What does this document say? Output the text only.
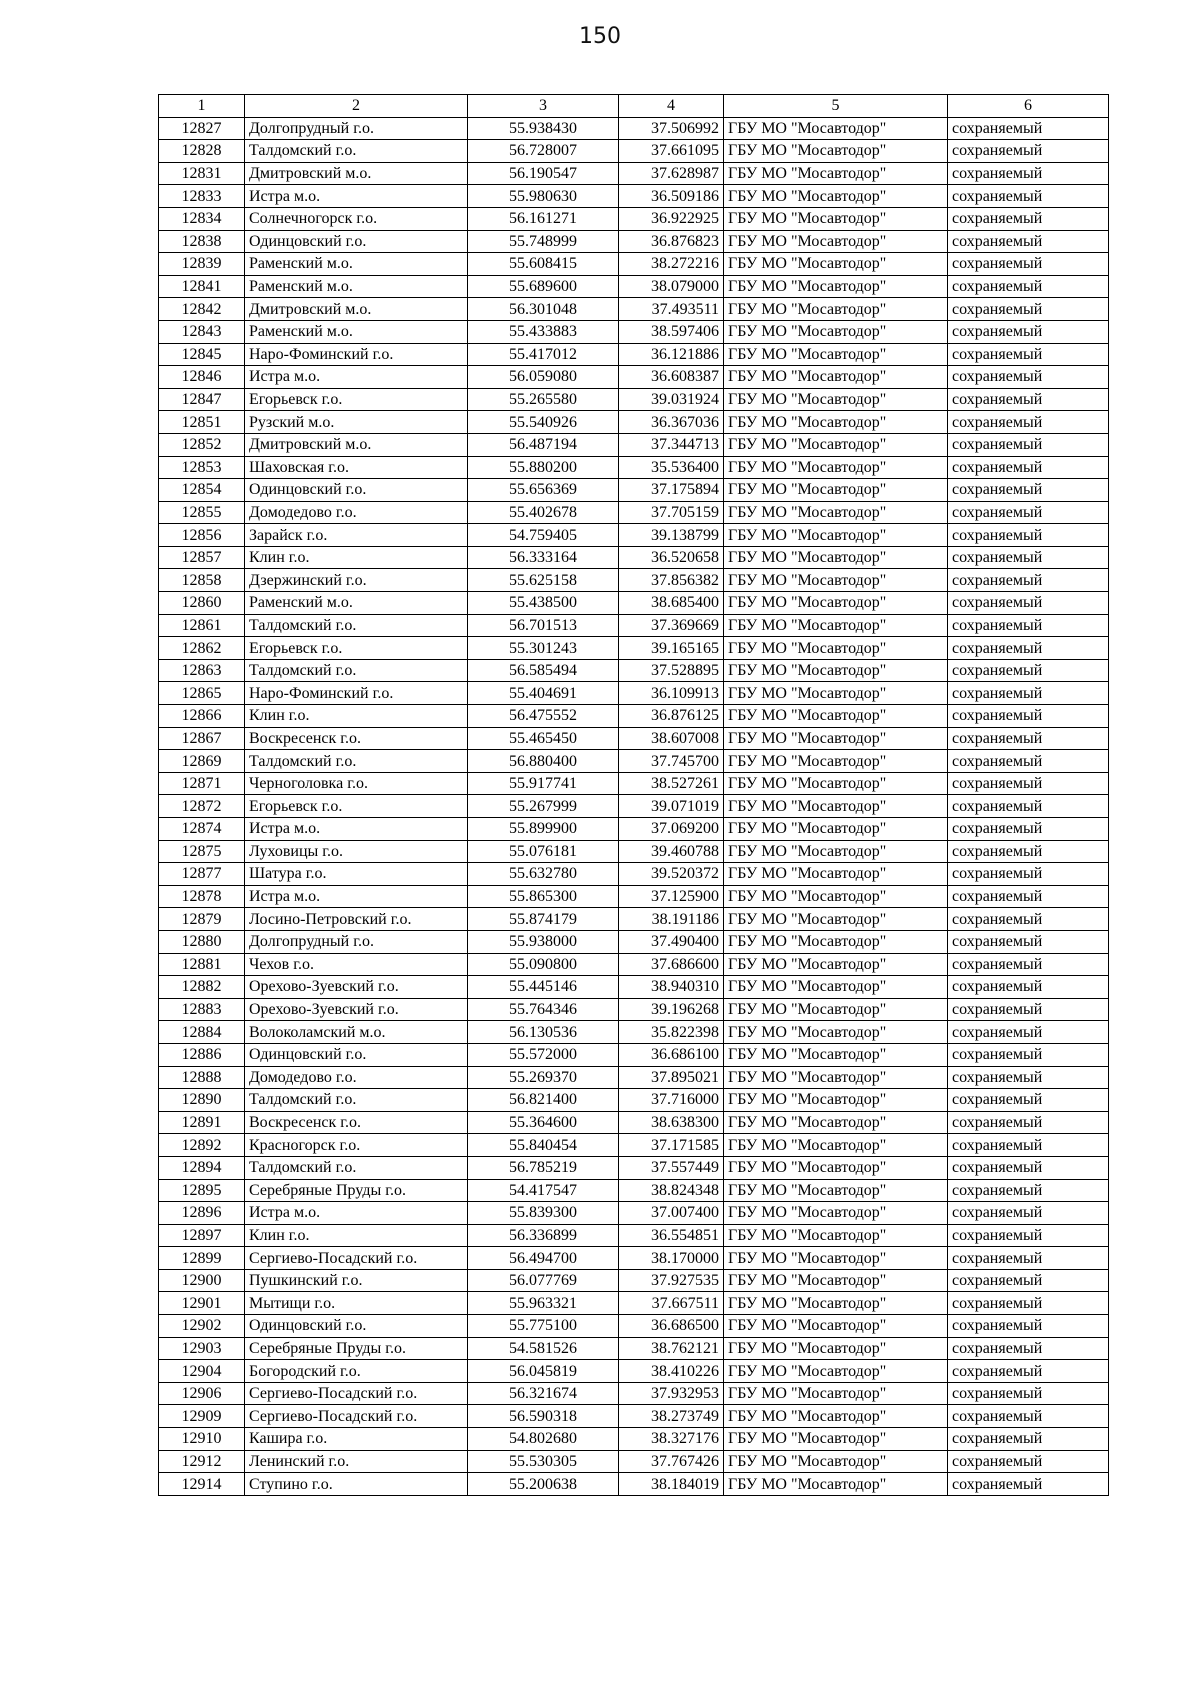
150
1	2	3	4	5	6
12827	Долгопрудный г.о.	55.938430	37.506992	ГБУ МО "Мосавтодор"	сохраняемый
12828	Талдомский г.о.	56.728007	37.661095	ГБУ МО "Мосавтодор"	сохраняемый
12831	Дмитровский м.о.	56.190547	37.628987	ГБУ МО "Мосавтодор"	сохраняемый
12833	Истра м.о.	55.980630	36.509186	ГБУ МО "Мосавтодор"	сохраняемый
12834	Солнечногорск г.о.	56.161271	36.922925	ГБУ МО "Мосавтодор"	сохраняемый
12838	Одинцовский г.о.	55.748999	36.876823	ГБУ МО "Мосавтодор"	сохраняемый
12839	Раменский м.о.	55.608415	38.272216	ГБУ МО "Мосавтодор"	сохраняемый
12841	Раменский м.о.	55.689600	38.079000	ГБУ МО "Мосавтодор"	сохраняемый
12842	Дмитровский м.о.	56.301048	37.493511	ГБУ МО "Мосавтодор"	сохраняемый
12843	Раменский м.о.	55.433883	38.597406	ГБУ МО "Мосавтодор"	сохраняемый
12845	Наро-Фоминский г.о.	55.417012	36.121886	ГБУ МО "Мосавтодор"	сохраняемый
12846	Истра м.о.	56.059080	36.608387	ГБУ МО "Мосавтодор"	сохраняемый
12847	Егорьевск г.о.	55.265580	39.031924	ГБУ МО "Мосавтодор"	сохраняемый
12851	Рузский м.о.	55.540926	36.367036	ГБУ МО "Мосавтодор"	сохраняемый
12852	Дмитровский м.о.	56.487194	37.344713	ГБУ МО "Мосавтодор"	сохраняемый
12853	Шаховская г.о.	55.880200	35.536400	ГБУ МО "Мосавтодор"	сохраняемый
12854	Одинцовский г.о.	55.656369	37.175894	ГБУ МО "Мосавтодор"	сохраняемый
12855	Домодедово г.о.	55.402678	37.705159	ГБУ МО "Мосавтодор"	сохраняемый
12856	Зарайск г.о.	54.759405	39.138799	ГБУ МО "Мосавтодор"	сохраняемый
12857	Клин г.о.	56.333164	36.520658	ГБУ МО "Мосавтодор"	сохраняемый
12858	Дзержинский г.о.	55.625158	37.856382	ГБУ МО "Мосавтодор"	сохраняемый
12860	Раменский м.о.	55.438500	38.685400	ГБУ МО "Мосавтодор"	сохраняемый
12861	Талдомский г.о.	56.701513	37.369669	ГБУ МО "Мосавтодор"	сохраняемый
12862	Егорьевск г.о.	55.301243	39.165165	ГБУ МО "Мосавтодор"	сохраняемый
12863	Талдомский г.о.	56.585494	37.528895	ГБУ МО "Мосавтодор"	сохраняемый
12865	Наро-Фоминский г.о.	55.404691	36.109913	ГБУ МО "Мосавтодор"	сохраняемый
12866	Клин г.о.	56.475552	36.876125	ГБУ МО "Мосавтодор"	сохраняемый
12867	Воскресенск г.о.	55.465450	38.607008	ГБУ МО "Мосавтодор"	сохраняемый
12869	Талдомский г.о.	56.880400	37.745700	ГБУ МО "Мосавтодор"	сохраняемый
12871	Черноголовка г.о.	55.917741	38.527261	ГБУ МО "Мосавтодор"	сохраняемый
12872	Егорьевск г.о.	55.267999	39.071019	ГБУ МО "Мосавтодор"	сохраняемый
12874	Истра м.о.	55.899900	37.069200	ГБУ МО "Мосавтодор"	сохраняемый
12875	Луховицы г.о.	55.076181	39.460788	ГБУ МО "Мосавтодор"	сохраняемый
12877	Шатура г.о.	55.632780	39.520372	ГБУ МО "Мосавтодор"	сохраняемый
12878	Истра м.о.	55.865300	37.125900	ГБУ МО "Мосавтодор"	сохраняемый
12879	Лосино-Петровский г.о.	55.874179	38.191186	ГБУ МО "Мосавтодор"	сохраняемый
12880	Долгопрудный г.о.	55.938000	37.490400	ГБУ МО "Мосавтодор"	сохраняемый
12881	Чехов г.о.	55.090800	37.686600	ГБУ МО "Мосавтодор"	сохраняемый
12882	Орехово-Зуевский г.о.	55.445146	38.940310	ГБУ МО "Мосавтодор"	сохраняемый
12883	Орехово-Зуевский г.о.	55.764346	39.196268	ГБУ МО "Мосавтодор"	сохраняемый
12884	Волоколамский м.о.	56.130536	35.822398	ГБУ МО "Мосавтодор"	сохраняемый
12886	Одинцовский г.о.	55.572000	36.686100	ГБУ МО "Мосавтодор"	сохраняемый
12888	Домодедово г.о.	55.269370	37.895021	ГБУ МО "Мосавтодор"	сохраняемый
12890	Талдомский г.о.	56.821400	37.716000	ГБУ МО "Мосавтодор"	сохраняемый
12891	Воскресенск г.о.	55.364600	38.638300	ГБУ МО "Мосавтодор"	сохраняемый
12892	Красногорск г.о.	55.840454	37.171585	ГБУ МО "Мосавтодор"	сохраняемый
12894	Талдомский г.о.	56.785219	37.557449	ГБУ МО "Мосавтодор"	сохраняемый
12895	Серебряные Пруды г.о.	54.417547	38.824348	ГБУ МО "Мосавтодор"	сохраняемый
12896	Истра м.о.	55.839300	37.007400	ГБУ МО "Мосавтодор"	сохраняемый
12897	Клин г.о.	56.336899	36.554851	ГБУ МО "Мосавтодор"	сохраняемый
12899	Сергиево-Посадский г.о.	56.494700	38.170000	ГБУ МО "Мосавтодор"	сохраняемый
12900	Пушкинский г.о.	56.077769	37.927535	ГБУ МО "Мосавтодор"	сохраняемый
12901	Мытищи г.о.	55.963321	37.667511	ГБУ МО "Мосавтодор"	сохраняемый
12902	Одинцовский г.о.	55.775100	36.686500	ГБУ МО "Мосавтодор"	сохраняемый
12903	Серебряные Пруды г.о.	54.581526	38.762121	ГБУ МО "Мосавтодор"	сохраняемый
12904	Богородский г.о.	56.045819	38.410226	ГБУ МО "Мосавтодор"	сохраняемый
12906	Сергиево-Посадский г.о.	56.321674	37.932953	ГБУ МО "Мосавтодор"	сохраняемый
12909	Сергиево-Посадский г.о.	56.590318	38.273749	ГБУ МО "Мосавтодор"	сохраняемый
12910	Кашира г.о.	54.802680	38.327176	ГБУ МО "Мосавтодор"	сохраняемый
12912	Ленинский г.о.	55.530305	37.767426	ГБУ МО "Мосавтодор"	сохраняемый
12914	Ступино г.о.	55.200638	38.184019	ГБУ МО "Мосавтодор"	сохраняемый
